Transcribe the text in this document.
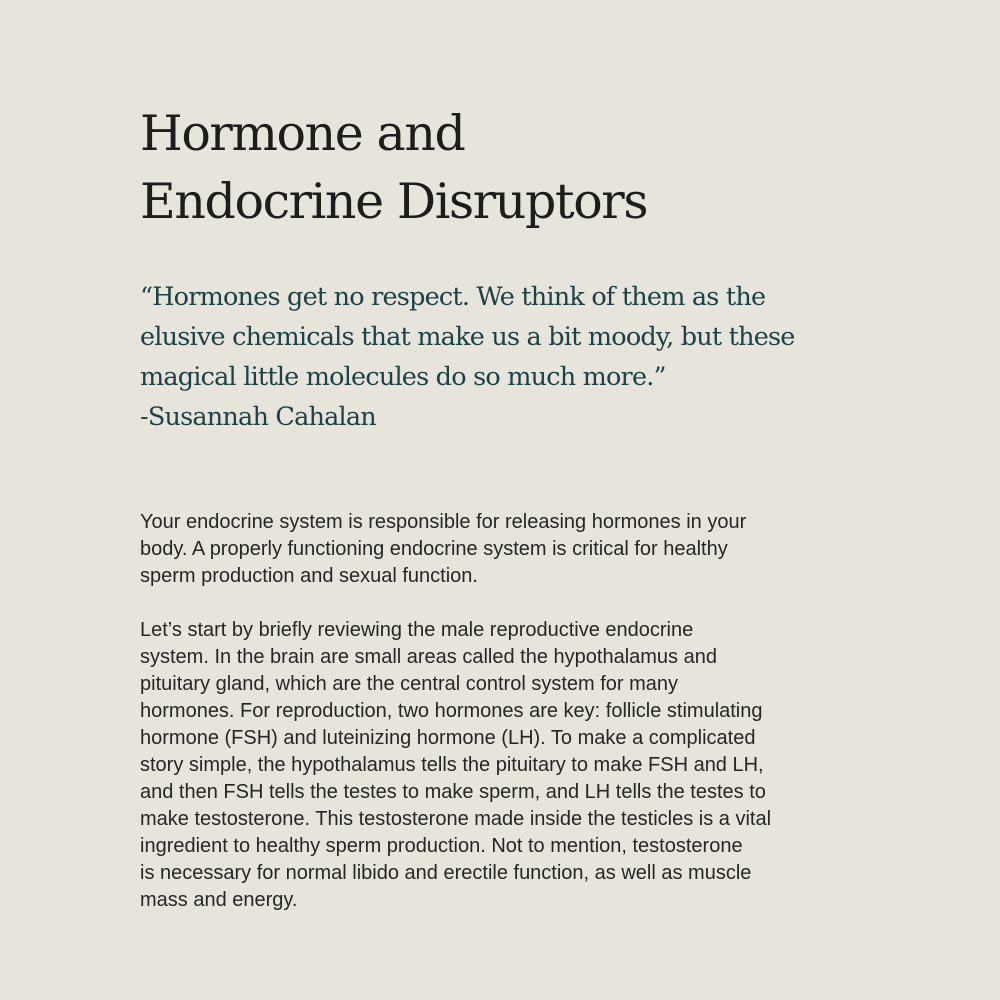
Hormone and
Endocrine Disruptors
“Hormones get no respect. We think of them as the
elusive chemicals that make us a bit moody, but these
magical little molecules do so much more.”
-Susannah Cahalan

Your endocrine system is responsible for releasing hormones in your
body. A properly functioning endocrine system is critical for healthy
sperm production and sexual function.

Let’s start by briefly reviewing the male reproductive endocrine
system. In the brain are small areas called the hypothalamus and
pituitary gland, which are the central control system for many
hormones. For reproduction, two hormones are key: follicle stimulating
hormone (FSH) and luteinizing hormone (LH). To make a complicated
story simple, the hypothalamus tells the pituitary to make FSH and LH,
and then FSH tells the testes to make sperm, and LH tells the testes to
make testosterone. This testosterone made inside the testicles is a vital
ingredient to healthy sperm production. Not to mention, testosterone
is necessary for normal libido and erectile function, as well as muscle
mass and energy.
